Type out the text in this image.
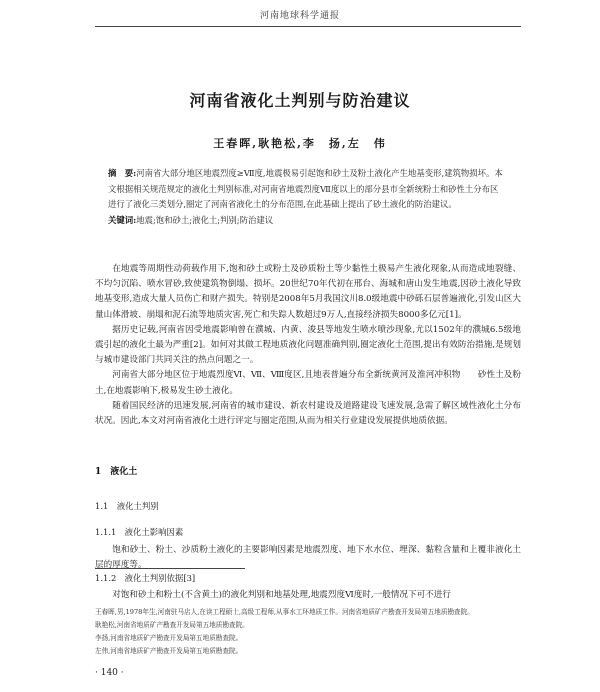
河南地球科学通报
河南省液化土判别与防治建议
王春晖,耿艳松,李　扬,左　伟
摘　要:河南省大部分地区地震烈度≥Ⅶ度,地震极易引起饱和砂土及粉土液化产生地基变形,建筑物损坏。本文根据相关规范规定的液化土判别标准,对河南省地震烈度Ⅶ度以上的部分县市全新统粉土和砂性土分布区进行了液化三类划分,圈定了河南省液化土的分布范围,在此基础上提出了砂土液化的防治建议。
关键词:地震;饱和砂土;液化土;判别;防治建议

在地震等周期性动荷载作用下,饱和砂土或粉土及砂质粉土等少黏性土极易产生液化现象,从而造成地裂缝、不均匀沉陷、喷水冒砂,致使建筑物倒塌、损坏。20世纪70年代初在邢台、海城和唐山发生地震,因砂土液化导致地基变形,造成大量人员伤亡和财产损失。特别是2008年5月我国汶川8.0级地震中砂砾石层普遍液化,引发山区大量山体滑坡、崩塌和泥石流等地质灾害,死亡和失踪人数超过9万人,直接经济损失8000多亿元[1]。

据历史记载,河南省因受地震影响曾在濮城、内黄、浚县等地发生喷水喷沙现象,尤以1502年的濮城6.5级地震引起的液化土最为严重[2]。如何对其做工程地质液化问题准确判别,圈定液化土范围,提出有效防治措施,是规划与城市建设部门共同关注的热点问题之一。

河南省大部分地区位于地震烈度Ⅵ、Ⅶ、Ⅷ度区,且地表普遍分布全新统黄河及淮河冲积物　　砂性土及粉土,在地震影响下,极易发生砂土液化。

随着国民经济的迅速发展,河南省的城市建设、新农村建设及道路建设飞速发展,急需了解区域性液化土分布状况。因此,本文对河南省液化土进行评定与圈定范围,从而为相关行业建设发展提供地质依据。

1　液化土
1.1　液化土判别
1.1.1　液化土影响因素

饱和砂土、粉土、沙质粉土液化的主要影响因素是地震烈度、地下水水位、埋深、黏粒含量和上覆非液化土层的厚度等。

1.1.2　液化土判别依据[3]

对饱和砂土和粉土(不含黄土)的液化判别和地基处理,地震烈度Ⅵ度时,一般情况下可不进行

王春晖,男,1978年生,河南驻马店人,在读工程硕士,高级工程师,从事水工环地质工作。河南省地质矿产勘查开发局第五地质勘查院。

耿艳松,河南省地质矿产勘查开发局第五地质勘查院。

李扬,河南省地质矿产勘查开发局第五地质勘查院。

左伟,河南省地质矿产勘查开发局第五地质勘查院。

· 140 ·
